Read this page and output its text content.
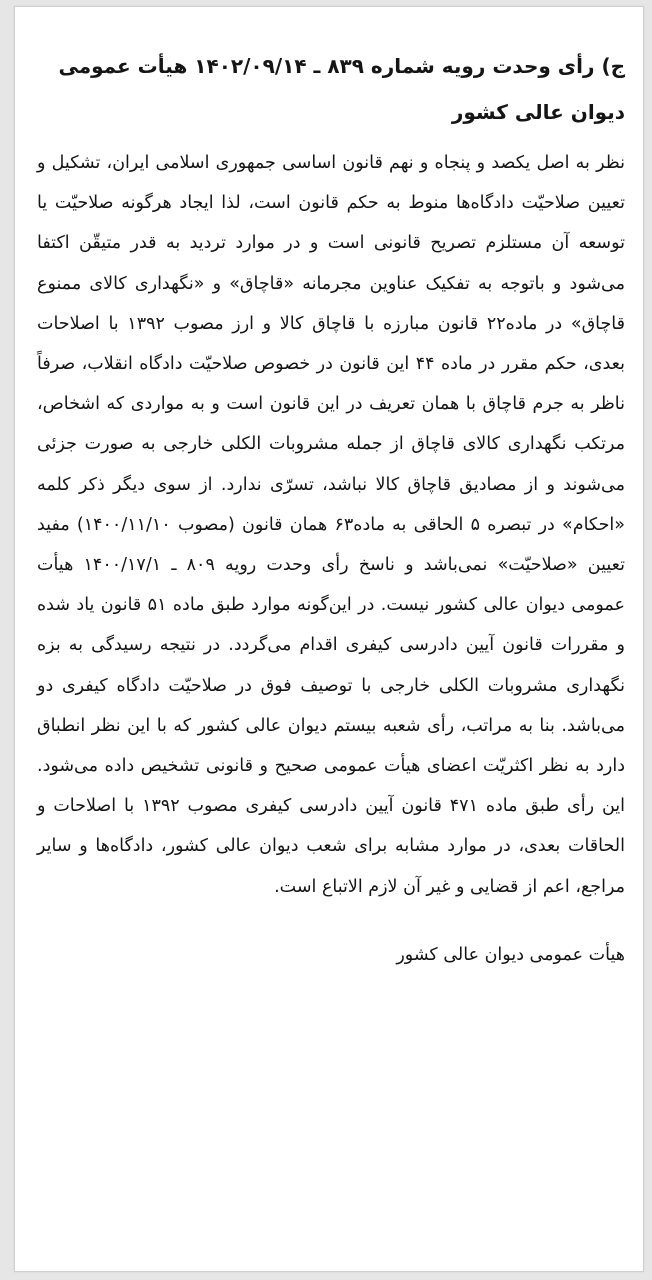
ج) رأی وحدت رویه شماره ۸۳۹ ـ ۱۴۰۲/۰۹/۱۴ هیأت عمومی
دیوان عالی کشور

نظر به اصل یکصد و پنجاه و نهم قانون اساسی جمهوری اسلامی ایران، تشکیل و تعیین صلاحیّت دادگاه‌ها منوط به حکم قانون است، لذا ایجاد هرگونه صلاحیّت یا توسعه آن مستلزم تصریح قانونی است و در موارد تردید به قدر متیقّن اکتفا می‌شود و باتوجه به تفکیک عناوین مجرمانه «قاچاق» و «نگهداری کالای ممنوع قاچاق» در ماده۲۲ قانون مبارزه با قاچاق کالا و ارز مصوب ۱۳۹۲ با اصلاحات بعدی، حکم مقرر در ماده ۴۴ این قانون در خصوص صلاحیّت دادگاه انقلاب، صرفاً ناظر به جرم قاچاق با همان تعریف در این قانون است و به مواردی که اشخاص، مرتکب نگهداری کالای قاچاق از جمله مشروبات الکلی خارجی به صورت جزئی می‌شوند و از مصادیق قاچاق کالا نباشد، تسرّی ندارد. از سوی دیگر ذکر کلمه «احکام» در تبصره ۵ الحاقی به ماده۶۳ همان قانون (مصوب ۱۴۰۰/۱۱/۱۰) مفید تعیین «صلاحیّت» نمی‌باشد و ناسخ رأی وحدت رویه ۸۰۹ ـ ۱۴۰۰/۱۷/۱ هیأت عمومی دیوان عالی کشور نیست. در این‌گونه موارد طبق ماده ۵۱ قانون یاد شده و مقررات قانون آیین دادرسی کیفری اقدام می‌گردد. در نتیجه رسیدگی به بزه نگهداری مشروبات الکلی خارجی با توصیف فوق در صلاحیّت دادگاه کیفری دو می‌باشد. بنا به مراتب، رأی شعبه بیستم دیوان عالی کشور که با این نظر انطباق دارد به نظر اکثریّت اعضای هیأت عمومی صحیح و قانونی تشخیص داده می‌شود. این رأی طبق ماده ۴۷۱ قانون آیین دادرسی کیفری مصوب ۱۳۹۲ با اصلاحات و الحاقات بعدی، در موارد مشابه برای شعب دیوان عالی کشور، دادگاه‌ها و سایر مراجع، اعم از قضایی و غیر آن لازم الاتباع است.

هیأت عمومی دیوان عالی کشور
